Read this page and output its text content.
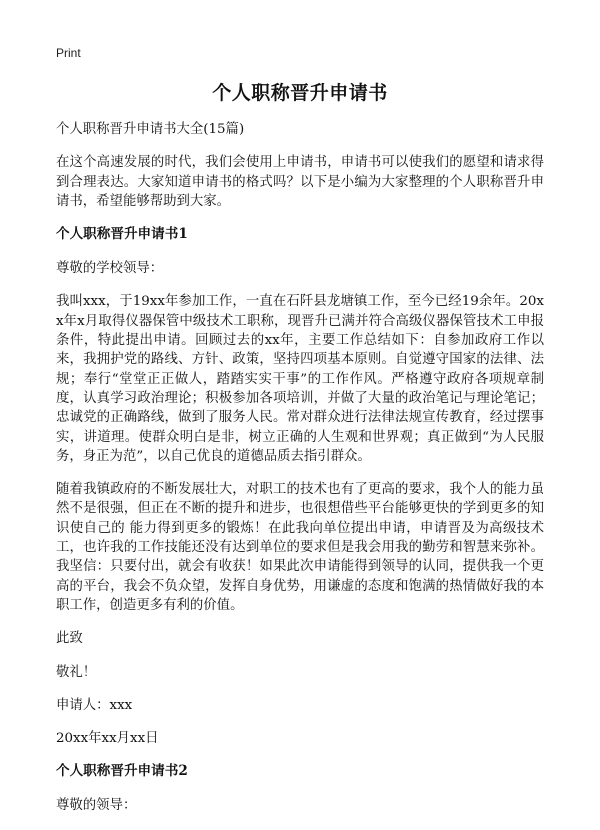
Print
个人职称晋升申请书

个人职称晋升申请书大全(15篇)

在这个高速发展的时代，我们会使用上申请书，申请书可以使我们的愿望和请求得到合理表达。大家知道申请书的格式吗？以下是小编为大家整理的个人职称晋升申请书，希望能够帮助到大家。

个人职称晋升申请书1

尊敬的学校领导：

我叫xxx，于19xx年参加工作，一直在石阡县龙塘镇工作，至今已经19余年。20xx年x月取得仪器保管中级技术工职称，现晋升已满并符合高级仪器保管技术工申报条件，特此提出申请。回顾过去的xx年，主要工作总结如下：自参加政府工作以来，我拥护党的路线、方针、政策，坚持四项基本原则。自觉遵守国家的法律、法规；奉行“堂堂正正做人，踏踏实实干事”的工作作风。严格遵守政府各项规章制度，认真学习政治理论；积极参加各项培训，并做了大量的政治笔记与理论笔记；忠诚党的正确路线，做到了服务人民。常对群众进行法律法规宣传教育，经过摆事实，讲道理。使群众明白是非，树立正确的人生观和世界观；真正做到“为人民服务，身正为范”，以自己优良的道德品质去指引群众。

随着我镇政府的不断发展壮大，对职工的技术也有了更高的要求，我个人的能力虽然不是很强，但正在不断的提升和进步，也很想借些平台能够更快的学到更多的知识使自己的 能力得到更多的锻炼！在此我向单位提出申请，申请晋及为高级技术工，也许我的工作技能还没有达到单位的要求但是我会用我的勤劳和智慧来弥补。我坚信：只要付出，就会有收获！如果此次申请能得到领导的认同，提供我一个更高的平台，我会不负众望，发挥自身优势，用谦虚的态度和饱满的热情做好我的本职工作，创造更多有利的价值。

此致

敬礼！

申请人：xxx

20xx年xx月xx日

个人职称晋升申请书2

尊敬的领导：
